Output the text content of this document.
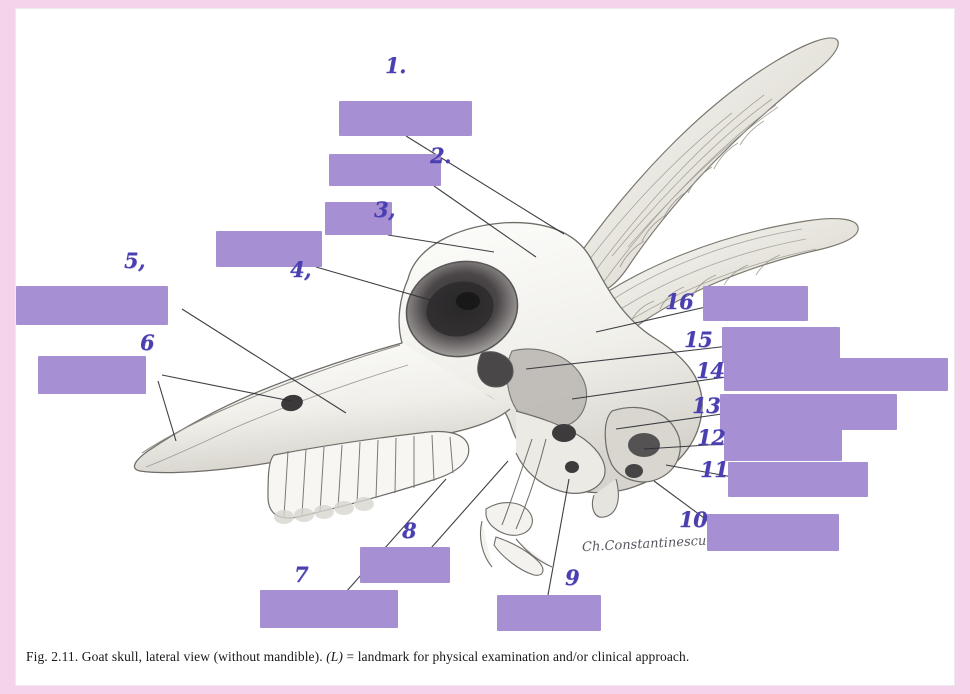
Ch.Constantinescu
1.
2.
3,
4,
5,
6
7
8
9
10
11
12
13
14
15
16
Fig. 2.11. Goat skull, lateral view (without mandible). (L) = landmark for physical examination and/or clinical approach.
